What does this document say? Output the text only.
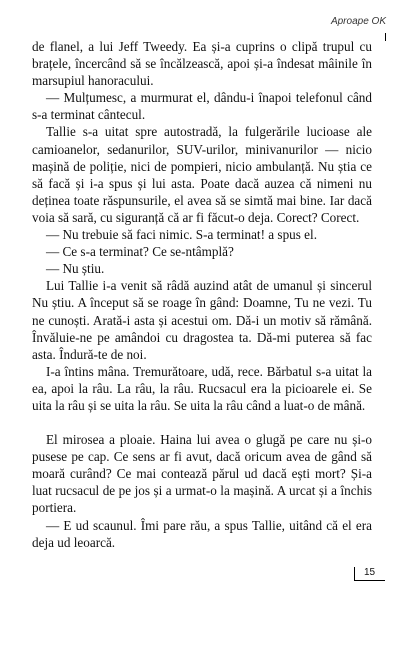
Aproape OK

de flanel, a lui Jeff Tweedy. Ea și-a cuprins o clipă trupul cu brațele, încercând să se încălzească, apoi și-a îndesat mâinile în marsupiul hanoracului.

— Mulțumesc, a murmurat el, dându-i înapoi telefonul când s-a terminat cântecul.

Tallie s-a uitat spre autostradă, la fulgerările lucioase ale camioanelor, sedanurilor, SUV-urilor, minivanurilor — nicio mașină de poliție, nici de pompieri, nicio ambulanță. Nu știa ce să facă și i-a spus și lui asta. Poate dacă auzea că nimeni nu deținea toate răspunsurile, el avea să se simtă mai bine. Iar dacă voia să sară, cu siguranță că ar fi făcut-o deja. Corect? Corect.

— Nu trebuie să faci nimic. S-a terminat! a spus el.

— Ce s-a terminat? Ce se-ntâmplă?

— Nu știu.

Lui Tallie i-a venit să râdă auzind atât de umanul și sincerul Nu știu. A început să se roage în gând: Doamne, Tu ne vezi. Tu ne cunoști. Arată-i asta și acestui om. Dă-i un motiv să rămână. Învăluie-ne pe amândoi cu dragostea ta. Dă-mi puterea să fac asta. Îndură-te de noi.

I-a întins mâna. Tremurătoare, udă, rece. Bărbatul s-a uitat la ea, apoi la râu. La râu, la râu. Rucsacul era la picioarele ei. Se uita la râu și se uita la râu. Se uita la râu când a luat-o de mână.

El mirosea a ploaie. Haina lui avea o glugă pe care nu și-o pusese pe cap. Ce sens ar fi avut, dacă oricum avea de gând să moară curând? Ce mai contează părul ud dacă ești mort? Și-a luat rucsacul de pe jos și a urmat-o la mașină. A urcat și a închis portiera.

— E ud scaunul. Îmi pare rău, a spus Tallie, uitând că el era deja ud leoarcă.

15
